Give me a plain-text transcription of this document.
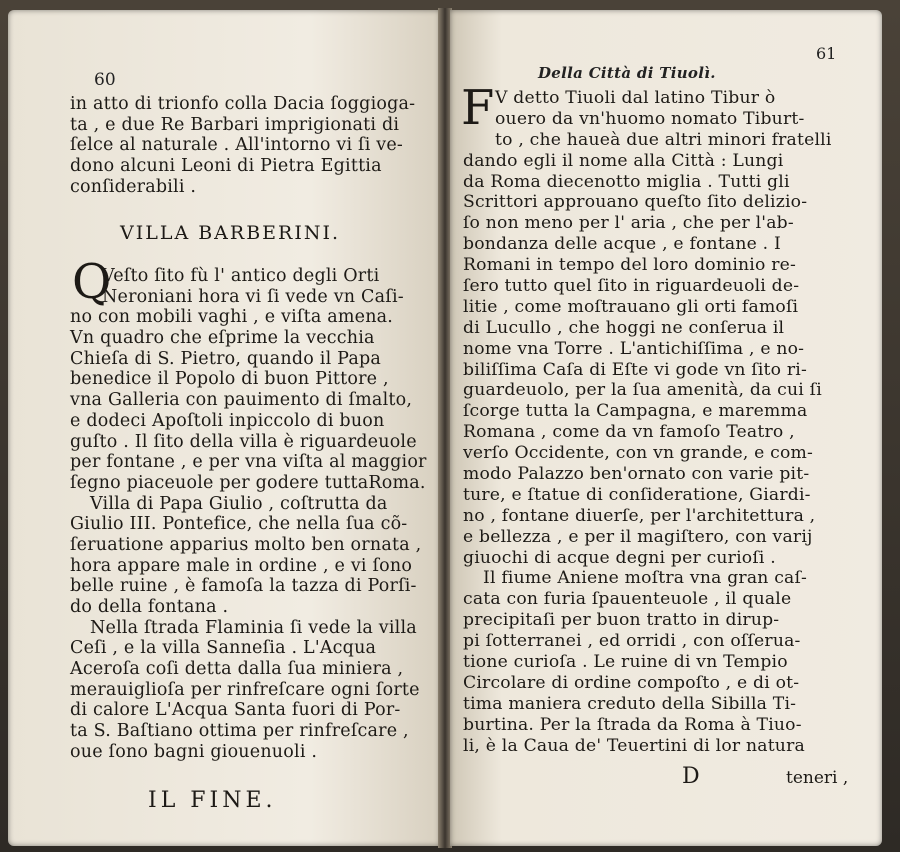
60
in atto di trionfo colla Dacia ſoggioga-
ta , e due Re Barbari imprigionati di
ſelce al naturale . All'intorno vi ſi ve-
dono alcuni Leoni di Pietra Egittia
conſiderabili .
VILLA BARBERINI.
Q
Veſto ſito fù l' antico degli Orti
Neroniani hora vi ſi vede vn Caſi-
no con mobili vaghi , e viſta amena.
Vn quadro che eſprime la vecchia
Chieſa di S. Pietro, quando il Papa
benedice il Popolo di buon Pittore ,
vna Galleria con pauimento di ſmalto,
e dodeci Apoſtoli inpiccolo di buon
guſto . Il ſito della villa è riguardeuole
per fontane , e per vna viſta al maggior
ſegno piaceuole per godere tuttaRoma.
Villa di Papa Giulio , coſtrutta da
Giulio III. Pontefice, che nella ſua cõ-
ſeruatione apparius molto ben ornata ,
hora appare male in ordine , e vi ſono
belle ruine , è famoſa la tazza di Porſi-
do della fontana .
Nella ſtrada Flaminia ſi vede la villa
Ceſi , e la villa Sanneſia . L'Acqua
Aceroſa coſi detta dalla ſua miniera ,
merauiglioſa per rinfreſcare ogni ſorte
di calore L'Acqua Santa fuori di Por-
ta S. Baſtiano ottima per rinfreſcare ,
oue ſono bagni giouenuoli .
IL FINE.
Della Città di Tiuolì.
61
F V detto Tiuoli dal latino Tibur ò
ouero da vn'huomo nomato Tiburt-
to , che haueà due altri minori fratelli
dando egli il nome alla Città : Lungi
da Roma diecenotto miglia . Tutti gli
Scrittori approuano queſto ſito delizio-
ſo non meno per l' aria , che per l'ab-
bondanza delle acque , e fontane . I
Romani in tempo del loro dominio re-
ſero tutto quel ſito in riguardeuoli de-
litie , come moſtrauano gli orti famoſi
di Lucullo , che hoggi ne conſerua il
nome vna Torre . L'antichiſſima , e no-
biliſſima Caſa di Eſte vi gode vn ſito ri-
guardeuolo, per la ſua amenità, da cui ſi
ſcorge tutta la Campagna, e maremma
Romana , come da vn famoſo Teatro ,
verſo Occidente, con vn grande, e com-
modo Palazzo ben'ornato con varie pit-
ture, e ſtatue di conſideratione, Giardi-
no , fontane diuerſe, per l'architettura ,
e bellezza , e per il magiſtero, con varij
giuochi di acque degni per curioſi .
Il fiume Aniene moſtra vna gran caſ-
cata con furia ſpauenteuole , il quale
precipitaſi per buon tratto in dirup-
pi ſotterranei , ed orridi , con oſſerua-
tione curioſa . Le ruine di vn Tempio
Circolare di ordine compoſto , e di ot-
tima maniera creduto della Sibilla Ti-
burtina. Per la ſtrada da Roma à Tiuo-
li, è la Caua de' Teuertini di lor natura
D	teneri ,
